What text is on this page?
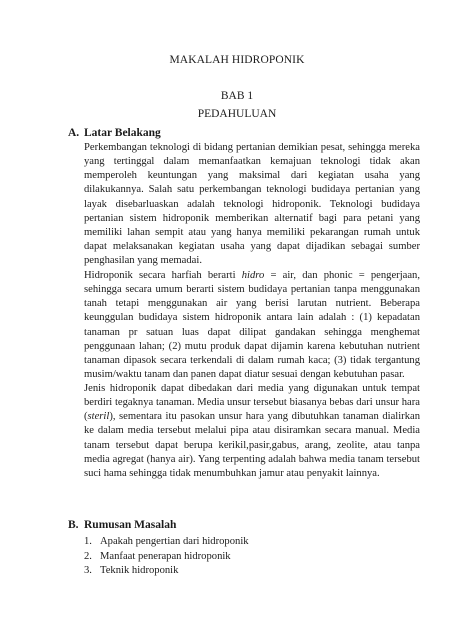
MAKALAH HIDROPONIK
BAB 1
PEDAHULUAN
A. Latar Belakang

Perkembangan teknologi di bidang pertanian demikian pesat, sehingga mereka yang tertinggal dalam memanfaatkan kemajuan teknologi tidak akan memperoleh keuntungan yang maksimal dari kegiatan usaha yang dilakukannya. Salah satu perkembangan teknologi budidaya pertanian yang layak disebarluaskan adalah teknologi hidroponik. Teknologi budidaya pertanian sistem hidroponik memberikan alternatif bagi para petani yang memiliki lahan sempit atau yang hanya memiliki pekarangan rumah untuk dapat melaksanakan kegiatan usaha yang dapat dijadikan sebagai sumber penghasilan yang memadai.

Hidroponik secara harfiah berarti hidro = air, dan phonic = pengerjaan, sehingga secara umum berarti sistem budidaya pertanian tanpa menggunakan tanah tetapi menggunakan air yang berisi larutan nutrient. Beberapa keunggulan budidaya sistem hidroponik antara lain adalah : (1) kepadatan tanaman pr satuan luas dapat dilipat gandakan sehingga menghemat penggunaan lahan; (2) mutu produk dapat dijamin karena kebutuhan nutrient tanaman dipasok secara terkendali di dalam rumah kaca; (3) tidak tergantung musim/waktu tanam dan panen dapat diatur sesuai dengan kebutuhan pasar.

Jenis hidroponik dapat dibedakan dari media yang digunakan untuk tempat berdiri tegaknya tanaman. Media unsur tersebut biasanya bebas dari unsur hara (steril), sementara itu pasokan unsur hara yang dibutuhkan tanaman dialirkan ke dalam media tersebut melalui pipa atau disiramkan secara manual. Media tanam tersebut dapat berupa kerikil,pasir,gabus, arang, zeolite, atau tanpa media agregat (hanya air). Yang terpenting adalah bahwa media tanam tersebut suci hama sehingga tidak menumbuhkan jamur atau penyakit lainnya.

B. Rumusan Masalah
1. Apakah pengertian dari hidroponik
2. Manfaat penerapan hidroponik
3. Teknik hidroponik
